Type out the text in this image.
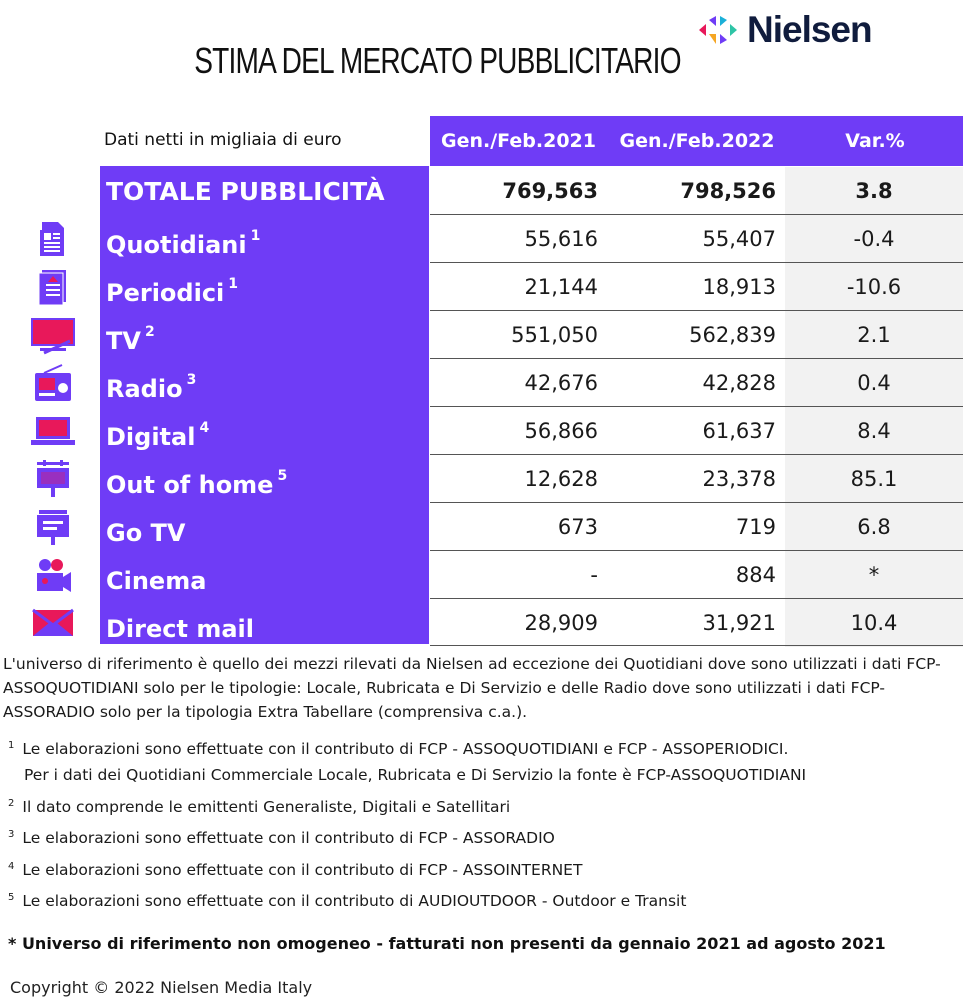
STIMA DEL MERCATO PUBBLICITARIO
Nielsen
Dati netti in migliaia di euro	Gen./Feb.2021	Gen./Feb.2022	Var.%
TOTALE PUBBLICITÀ	769,563	798,526	3.8
Quotidiani $^1$	55,616	55,407	-0.4
Periodici $^1$	21,144	18,913	-10.6
TV $^2$	551,050	562,839	2.1
Radio $^3$	42,676	42,828	0.4
Digital $^4$	56,866	61,637	8.4
Out of home $^5$	12,628	23,378	85.1
Go TV	673	719	6.8
Cinema	-	884	*
Direct mail	28,909	31,921	10.4
L'universo di riferimento è quello dei mezzi rilevati da Nielsen ad eccezione dei Quotidiani dove sono utilizzati i dati FCP-ASSOQUOTIDIANI solo per le tipologie: Locale, Rubricata e Di Servizio e delle Radio dove sono utilizzati i dati FCP-ASSORADIO solo per la tipologia Extra Tabellare (comprensiva c.a.).
$^1$ Le elaborazioni sono effettuate con il contributo di FCP - ASSOQUOTIDIANI e FCP - ASSOPERIODICI.
Per i dati dei Quotidiani Commerciale Locale, Rubricata e Di Servizio la fonte è FCP-ASSOQUOTIDIANI
$^2$ Il dato comprende le emittenti Generaliste, Digitali e Satellitari
$^3$ Le elaborazioni sono effettuate con il contributo di FCP - ASSORADIO
$^4$ Le elaborazioni sono effettuate con il contributo di FCP - ASSOINTERNET
$^5$ Le elaborazioni sono effettuate con il contributo di AUDIOUTDOOR - Outdoor e Transit
* Universo di riferimento non omogeneo - fatturati non presenti da gennaio 2021 ad agosto 2021
Copyright © 2022 Nielsen Media Italy
